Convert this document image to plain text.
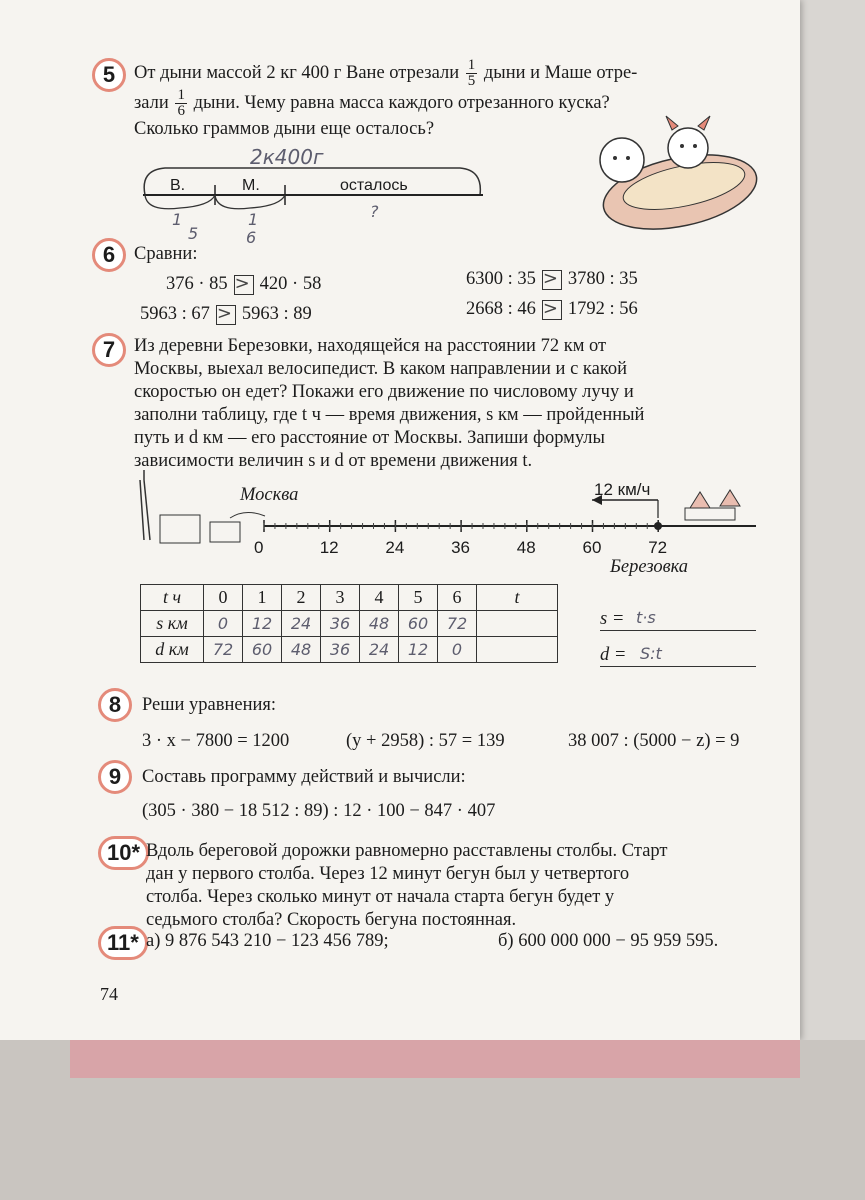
5	От дыни массой 2 кг 400 г Ване отрезали $\frac{1}{5}$ дыни и Маше отре-
зали $\frac{1}{6}$ дыни. Чему равна масса каждого отрезанного куска?
Сколько граммов дыни еще осталось?
В.	М.	осталось
2к400г
1
5
1
6
?
6	Сравни:
376 · 85 > 420 · 58
5963 : 67 > 5963 : 89
6300 : 35 > 3780 : 35
2668 : 46 > 1792 : 56
7	Из деревни Березовки, находящейся на расстоянии 72 км от
Москвы, выехал велосипедист. В каком направлении и с какой
скоростью он едет? Покажи его движение по числовому лучу и
заполни таблицу, где t ч — время движения, s км — пройденный
путь и d км — его расстояние от Москвы. Запиши формулы
зависимости величин s и d от времени движения t.
Москва
Березовка
12 км/ч
0	12	24	36	48	60	72
t ч	0	1	2	3	4	5	6	t
s км	0	12	24	36	48	60	72	
d км	72	60	48	36	24	12	0	
s = t·s
d = S:t
8	Реши уравнения:
3 · x − 7800 = 1200	(y + 2958) : 57 = 139	38 007 : (5000 − z) = 9
9	Составь программу действий и вычисли:
(305 · 380 − 18 512 : 89) : 12 · 100 − 847 · 407
10* Вдоль береговой дорожки равномерно расставлены столбы. Старт
дан у первого столба. Через 12 минут бегун был у четвертого
столба. Через сколько минут от начала старта бегун будет у
седьмого столба? Скорость бегуна постоянная.
11* а) 9 876 543 210 − 123 456 789;	б) 600 000 000 − 95 959 595.
74
